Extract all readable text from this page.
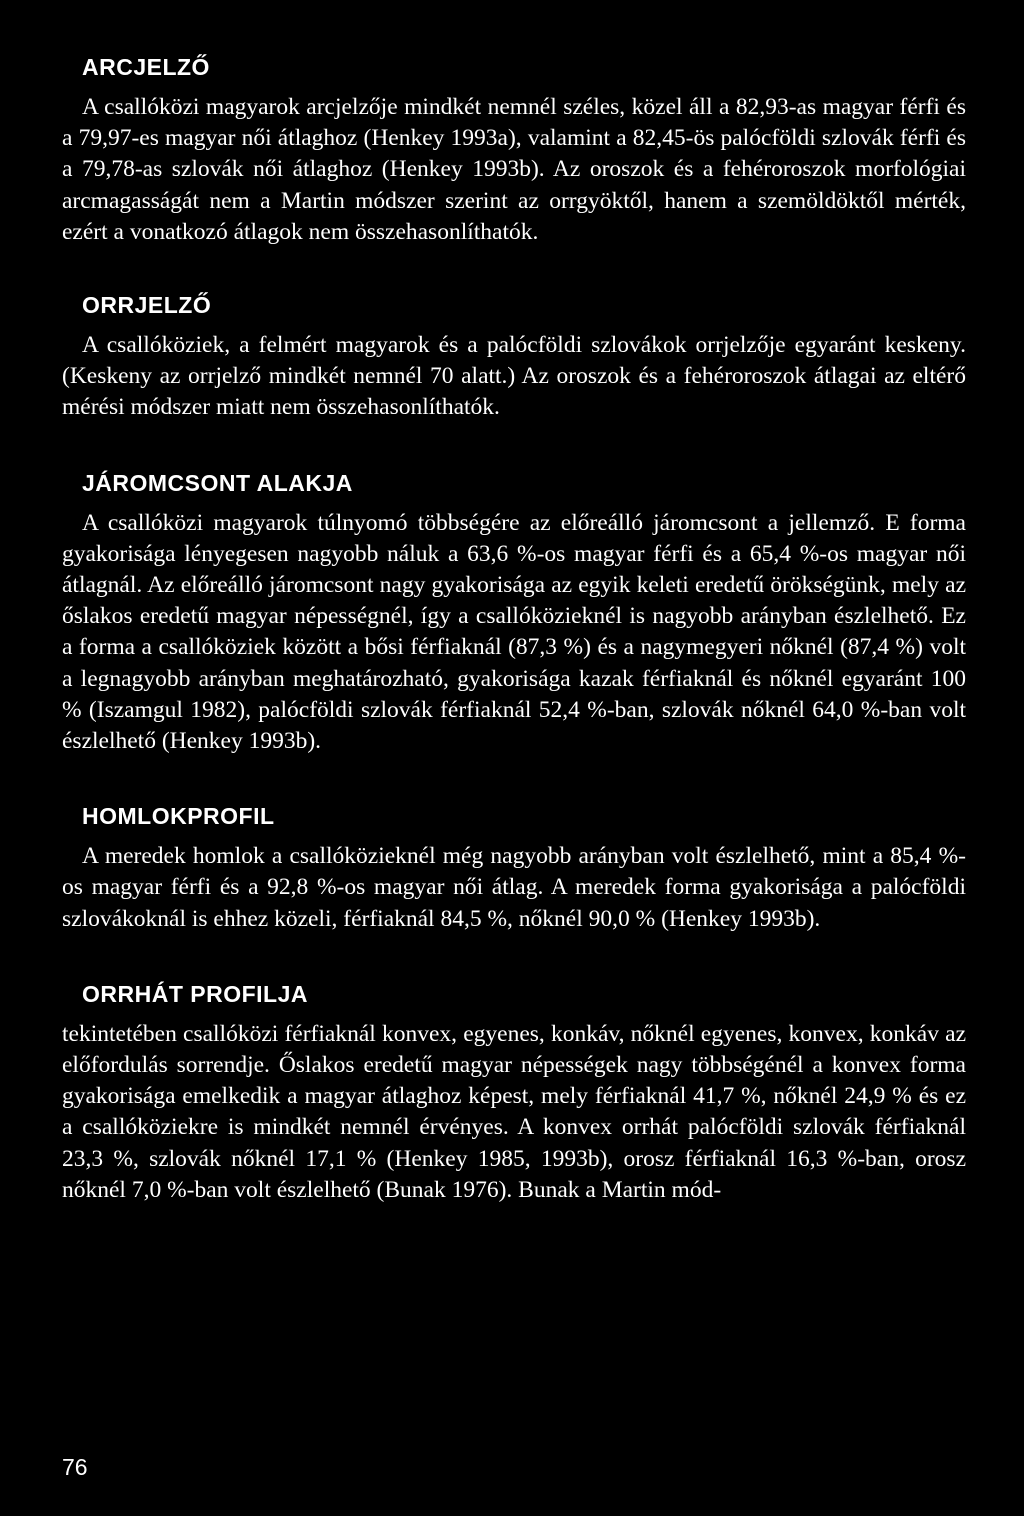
ARCJELZŐ

A csallóközi magyarok arcjelzője mindkét nemnél széles, közel áll a 82,93-as magyar férfi és a 79,97-es magyar női átlaghoz (Henkey 1993a), valamint a 82,45-ös palócföldi szlovák férfi és a 79,78-as szlovák női átlaghoz (Henkey 1993b). Az oroszok és a fehéroroszok morfológiai arcmagasságát nem a Martin módszer szerint az orrgyöktől, hanem a szemöldöktől mérték, ezért a vonatkozó átlagok nem összehasonlíthatók.

ORRJELZŐ

A csallóköziek, a felmért magyarok és a palócföldi szlovákok orrjelzője egyaránt keskeny. (Keskeny az orrjelző mindkét nemnél 70 alatt.) Az oroszok és a fehéroroszok átlagai az eltérő mérési módszer miatt nem összehasonlíthatók.

JÁROMCSONT ALAKJA

A csallóközi magyarok túlnyomó többségére az előreálló járomcsont a jellemző. E forma gyakorisága lényegesen nagyobb náluk a 63,6 %-os magyar férfi és a 65,4 %-os magyar női átlagnál. Az előreálló járomcsont nagy gyakorisága az egyik keleti eredetű örökségünk, mely az őslakos eredetű magyar népességnél, így a csallóközieknél is nagyobb arányban észlelhető. Ez a forma a csallóköziek között a bősi férfiaknál (87,3 %) és a nagymegyeri nőknél (87,4 %) volt a legnagyobb arányban meghatározható, gyakorisága kazak férfiaknál és nőknél egyaránt 100 % (Iszamgul 1982), palócföldi szlovák férfiaknál 52,4 %-ban, szlovák nőknél 64,0 %-ban volt észlelhető (Henkey 1993b).

HOMLOKPROFIL

A meredek homlok a csallóközieknél még nagyobb arányban volt észlelhető, mint a 85,4 %-os magyar férfi és a 92,8 %-os magyar női átlag. A meredek forma gyakorisága a palócföldi szlovákoknál is ehhez közeli, férfiaknál 84,5 %, nőknél 90,0 % (Henkey 1993b).

ORRHÁT PROFILJA

tekintetében csallóközi férfiaknál konvex, egyenes, konkáv, nőknél egyenes, konvex, konkáv az előfordulás sorrendje. Őslakos eredetű magyar népességek nagy többségénél a konvex forma gyakorisága emelkedik a magyar átlaghoz képest, mely férfiaknál 41,7 %, nőknél 24,9 % és ez a csallóköziekre is mindkét nemnél érvényes. A konvex orrhát palócföldi szlovák férfiaknál 23,3 %, szlovák nőknél 17,1 % (Henkey 1985, 1993b), orosz férfiaknál 16,3 %-ban, orosz nőknél 7,0 %-ban volt észlelhető (Bunak 1976). Bunak a Martin mód-

76
